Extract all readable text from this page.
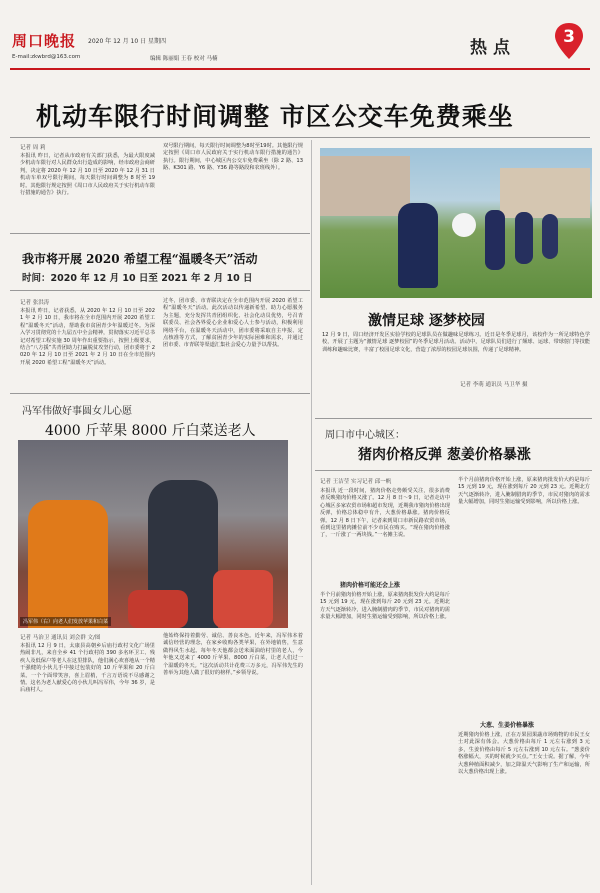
周口晚报 2020 年 12 月 10 日 星期四
E-mail:zkwbrd@163.com	编辑 陈丽娟 王春 校对 马楠
热点
3
机动车限行时间调整 市区公交车免费乘坐
记者 周 莉
本报讯 昨日，记者从市政府有关部门获悉，为最大限度减少机动车限行对人民群众出行造成的影响，经市政府会商研判，决定将 2020 年 12 月 10 日至 2020 年 12 月 31 日机动车单双号限行期间，每天限行时间调整为 8 时至 19 时。其他限行规定按照《周口市人民政府关于实行机动车限行措施的通告》执行。
双号限行期间，每天限行时间调整为8时至19时。其他限行规定按照《周口市人民政府关于实行机动车限行措施的通告》执行。限行期间，中心城区内公交车免费乘坐（除 2 路、13 路、K301 路、Y6 路、Y36 路等路段和农班线外）。
我市将开展 2020 希望工程“温暖冬天”活动
时间：2020 年 12 月 10 日至 2021 年 2 月 10 日
记者 张洪涛
本报讯 昨日，记者获悉，从 2020 年 12 月 10 日至 2021 年 2 月 10 日，我市将在全市范围内开展 2020 希望工程“温暖冬天”活动，帮助我市贫困青少年温暖过冬。为深入学习贯彻党的十九届五中全会精神，贯彻落实习近平总书记对希望工程实施 30 周年作出重要指示，按照上级要求，结合“八方援”共青团助力打赢脱贫攻坚行动，团市委将于 2020 年 12 月 10 日至 2021 年 2 月 10 日在全市范围内开展 2020 希望工程“温暖冬天”活动。
过冬，团市委、市青联决定在全市范围内开展 2020 希望工程“温暖冬天”活动。此次活动以传递新希望、助力心愿服务为主题，充分发挥共青团组织化、社会化动员优势，号召青联委员、社会各界爱心企业和爱心人士参与活动，积极利用网络平台，在温暖冬天活动中，团市委将采取自主申报、定点核准等方式，了解贫困青少年的实际困难和需求，并通过团市委、市青联等渠道汇集社会爱心力量予以帮扶。
激情足球 逐梦校园
12 月 9 日，周口经济开发区实验学校的足球队员在做趣味足球练习。近日是冬季足球月，该校作为一所足球特色学校，开展了主题为“激情足球 逐梦校园”的冬季足球月活动。活动中，足球队员们进行了颠球、运球、带球射门等技能训练和趣味比赛，丰富了校园足球文化，营造了浓厚的校园足球氛围，传递了足球精神。
记者 李萌 通讯员 马卫华 摄
冯军伟做好事圆女儿心愿
4000 斤苹果 8000 斤白菜送老人
冯军伟（右）向老人们发放苹果和白菜
记者 马治卫 通讯员 刘会群 文/图
本报讯 12 月 9 日，太康县高朝乡后庙行政村文化广场里热闹非凡，来自全乡 41 个行政村的 390 多名环卫工、残疾人及低保户等老人在这里排队，他们满心欢喜地从一个精干强健的小伙儿手中接过包装好的 10 斤苹果和 20 斤白菜。一个个面带笑容，喜上眉梢，千言万语说不尽感谢之情。这名为老人献爱心的小伙儿叫冯军伟，今年 36 岁，是后庙村人。
他始终保持着勤劳、诚信、善良本色。近年来，冯军伟本着诚信经营的理念，在家乡收购各类苹果，在外地销售，生意做得风生水起。每年冬天他都会送米面油给村里的老人，今年他又送来了 4000 斤苹果、8000 斤白菜，让老人们过一个温暖的冬天。“这次活动共计花费三万多元，冯军伟先生的善举为其他人做了很好的榜样。”乡领导说。
周口市中心城区：
猪肉价格反弹 葱姜价格暴涨
记者 王洁莹 实习记者 邱一帆
本报讯 近一段时间，猪肉价格走势颇受关注，很多消费者反映猪肉价格又涨了。12 月 8 日～9 日，记者走访中心城区多家农贸市场和超市发现，近期我市猪肉价格出现反弹，价格总体稳中有升，大葱价格暴涨。猪肉价格反弹。12 月 8 日下午，记者来到周口市新民路农贸市场，看到这里猪肉摊位前不少市民在购买。“现在猪肉价格涨了，一斤涨了一两块钱。”一名摊主说。
猪肉价格可能还会上涨
半个月前猪肉价格开始上涨，原来猪肉批发价大约是每斤 15 元到 19 元，现在涨到每斤 20 元到 23 元。近期北方天气逐渐转冷，进入腌制腊肉的季节，市民对猪肉的需求量大幅增加，同时生猪运输受到影响，所以价格上涨。
半个月前猪肉价格开始上涨，原来猪肉批发价大约是每斤 15 元到 19 元，现在涨到每斤 20 元到 23 元。近期北方天气逐渐转冷，进入腌制腊肉的季节，市民对猪肉的需求量大幅增加，同时生猪运输受到影响，所以价格上涨。
大葱、生姜价格暴涨
近期猪肉价格上涨，正在万果园果蔬市场购物的市民王女士对此深有体会。大葱价格由每斤 1 元左右涨到 3 元多，生姜价格由每斤 5 元左右涨到 10 元左右。“葱姜价格涨幅大，买的时候就少买点。”王女士说。据了解，今年大葱种植面积减少，加之降温天气影响了生产和运输，所以大葱价格出现上涨。
